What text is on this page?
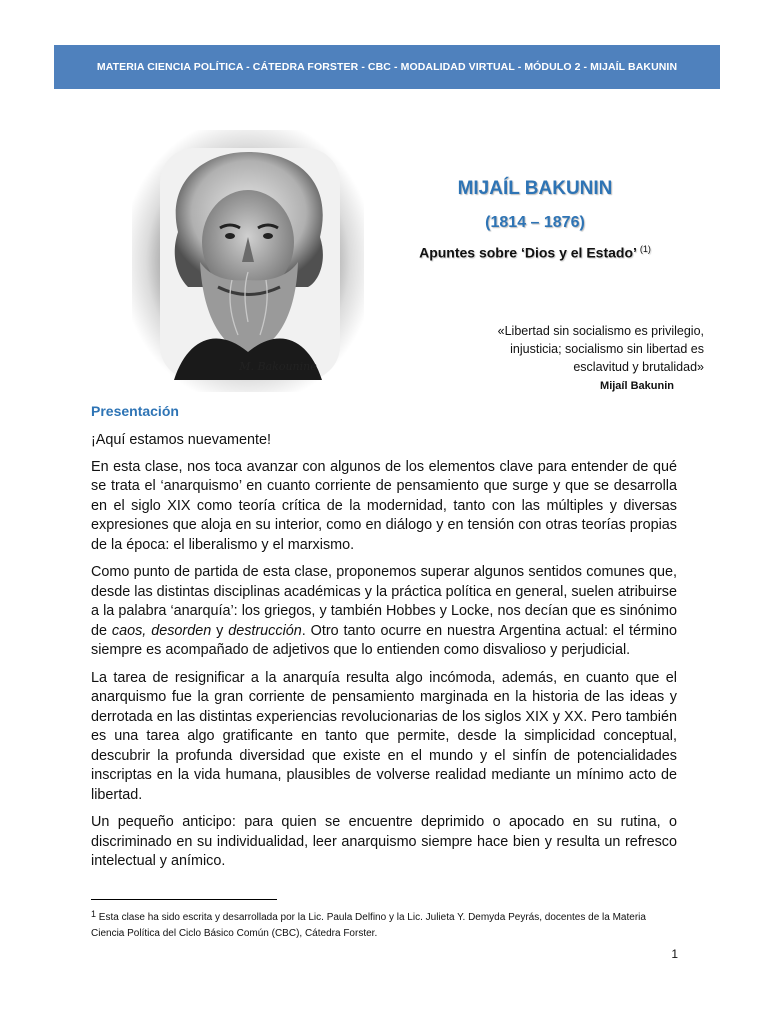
MATERIA CIENCIA POLÍTICA - CÁTEDRA FORSTER - CBC - MODALIDAD VIRTUAL - MÓDULO 2 - MIJAÍL BAKUNIN
M. Bakounine
MIJAÍL BAKUNIN
(1814 – 1876)
Apuntes sobre ‘Dios y el Estado’ $^{(1)}$
«Libertad sin socialismo es privilegio,
injusticia; socialismo sin libertad es
esclavitud y brutalidad»
Mijaíl Bakunin
Presentación

¡Aquí estamos nuevamente!

En esta clase, nos toca avanzar con algunos de los elementos clave para entender de qué se trata el ‘anarquismo’ en cuanto corriente de pensamiento que surge y que se desarrolla en el siglo XIX como teoría crítica de la modernidad, tanto con las múltiples y diversas expresiones que aloja en su interior, como en diálogo y en tensión con otras teorías propias de la época: el liberalismo y el marxismo.

Como punto de partida de esta clase, proponemos superar algunos sentidos comunes que, desde las distintas disciplinas académicas y la práctica política en general, suelen atribuirse a la palabra ‘anarquía’: los griegos, y también Hobbes y Locke, nos decían que es sinónimo de caos, desorden y destrucción. Otro tanto ocurre en nuestra Argentina actual: el término siempre es acompañado de adjetivos que lo entienden como disvalioso y perjudicial.

La tarea de resignificar a la anarquía resulta algo incómoda, además, en cuanto que el anarquismo fue la gran corriente de pensamiento marginada en la historia de las ideas y derrotada en las distintas experiencias revolucionarias de los siglos XIX y XX. Pero también es una tarea algo gratificante en tanto que permite, desde la simplicidad conceptual, descubrir la profunda diversidad que existe en el mundo y el sinfín de potencialidades inscriptas en la vida humana, plausibles de volverse realidad mediante un mínimo acto de libertad.

Un pequeño anticipo: para quien se encuentre deprimido o apocado en su rutina, o discriminado en su individualidad, leer anarquismo siempre hace bien y resulta un refresco intelectual y anímico.

$^1$ Esta clase ha sido escrita y desarrollada por la Lic. Paula Delfino y la Lic. Julieta Y. Demyda Peyrás, docentes de la Materia Ciencia Política del Ciclo Básico Común (CBC), Cátedra Forster.
1
